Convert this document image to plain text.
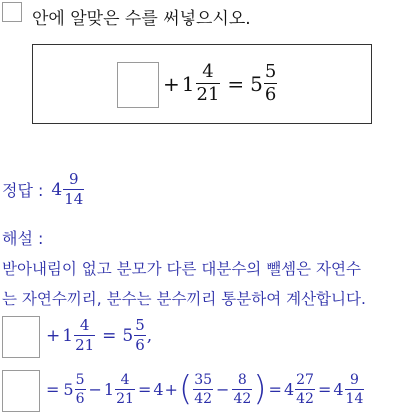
안에 알맞은 수를 써넣으시오.
+ $1 \frac{4}{21} = 5 \frac{5}{6}$
정답 : $4 \frac{9}{14}$
해설 :
받아내림이 없고 분모가 다른 대분수의 뺄셈은 자연수
는 자연수끼리, 분수는 분수끼리 통분하여 계산합니다.
+ $1 \frac{4}{21} = 5 \frac{5}{6}$ ,
= $5 \frac{5}{6} - 1 \frac{4}{21} = 4$ + ( $\frac{35}{42} - \frac{8}{42}$ ) = $4 \frac{27}{42} = 4 \frac{9}{14}$
